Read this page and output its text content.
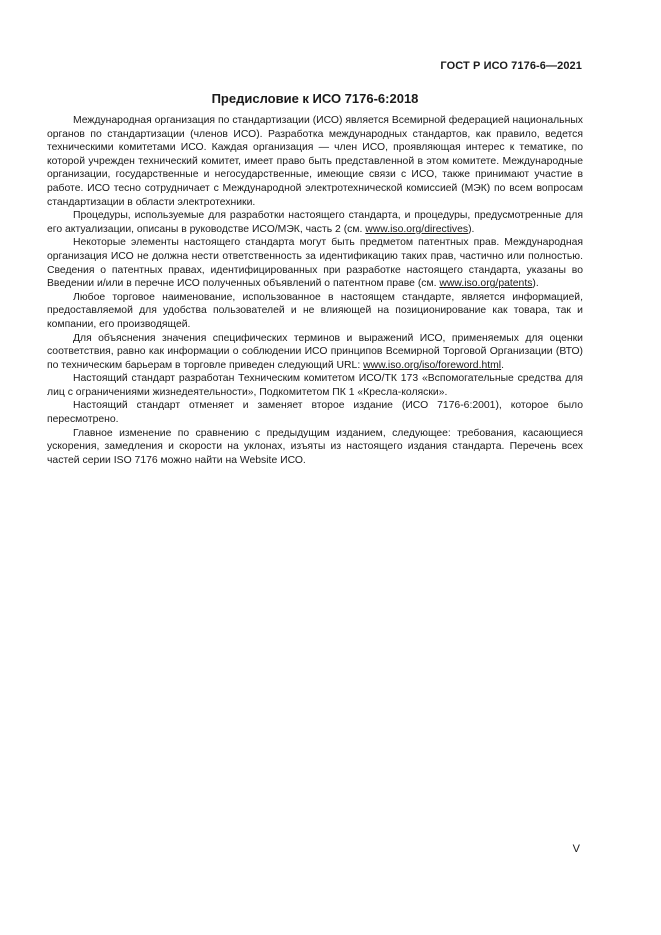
ГОСТ Р ИСО 7176-6—2021
Предисловие к ИСО 7176-6:2018

Международная организация по стандартизации (ИСО) является Всемирной федерацией национальных органов по стандартизации (членов ИСО). Разработка международных стандартов, как правило, ведется техническими комитетами ИСО. Каждая организация — член ИСО, проявляющая интерес к тематике, по которой учрежден технический комитет, имеет право быть представленной в этом комитете. Международные организации, государственные и негосударственные, имеющие связи с ИСО, также принимают участие в работе. ИСО тесно сотрудничает с Международной электротехнической комиссией (МЭК) по всем вопросам стандартизации в области электротехники.

Процедуры, используемые для разработки настоящего стандарта, и процедуры, предусмотренные для его актуализации, описаны в руководстве ИСО/МЭК, часть 2 (см. www.iso.org/directives).

Некоторые элементы настоящего стандарта могут быть предметом патентных прав. Международная организация ИСО не должна нести ответственность за идентификацию таких прав, частично или полностью. Сведения о патентных правах, идентифицированных при разработке настоящего стандарта, указаны во Введении и/или в перечне ИСО полученных объявлений о патентном праве (см. www.iso.org/patents).

Любое торговое наименование, использованное в настоящем стандарте, является информацией, предоставляемой для удобства пользователей и не влияющей на позиционирование как товара, так и компании, его производящей.

Для объяснения значения специфических терминов и выражений ИСО, применяемых для оценки соответствия, равно как информации о соблюдении ИСО принципов Всемирной Торговой Организации (ВТО) по техническим барьерам в торговле приведен следующий URL: www.iso.org/iso/foreword.html.

Настоящий стандарт разработан Техническим комитетом ИСО/ТК 173 «Вспомогательные средства для лиц с ограничениями жизнедеятельности», Подкомитетом ПК 1 «Кресла-коляски».

Настоящий стандарт отменяет и заменяет второе издание (ИСО 7176-6:2001), которое было пересмотрено.

Главное изменение по сравнению с предыдущим изданием, следующее: требования, касающиеся ускорения, замедления и скорости на уклонах, изъяты из настоящего издания стандарта. Перечень всех частей серии ISO 7176 можно найти на Website ИСО.

V
